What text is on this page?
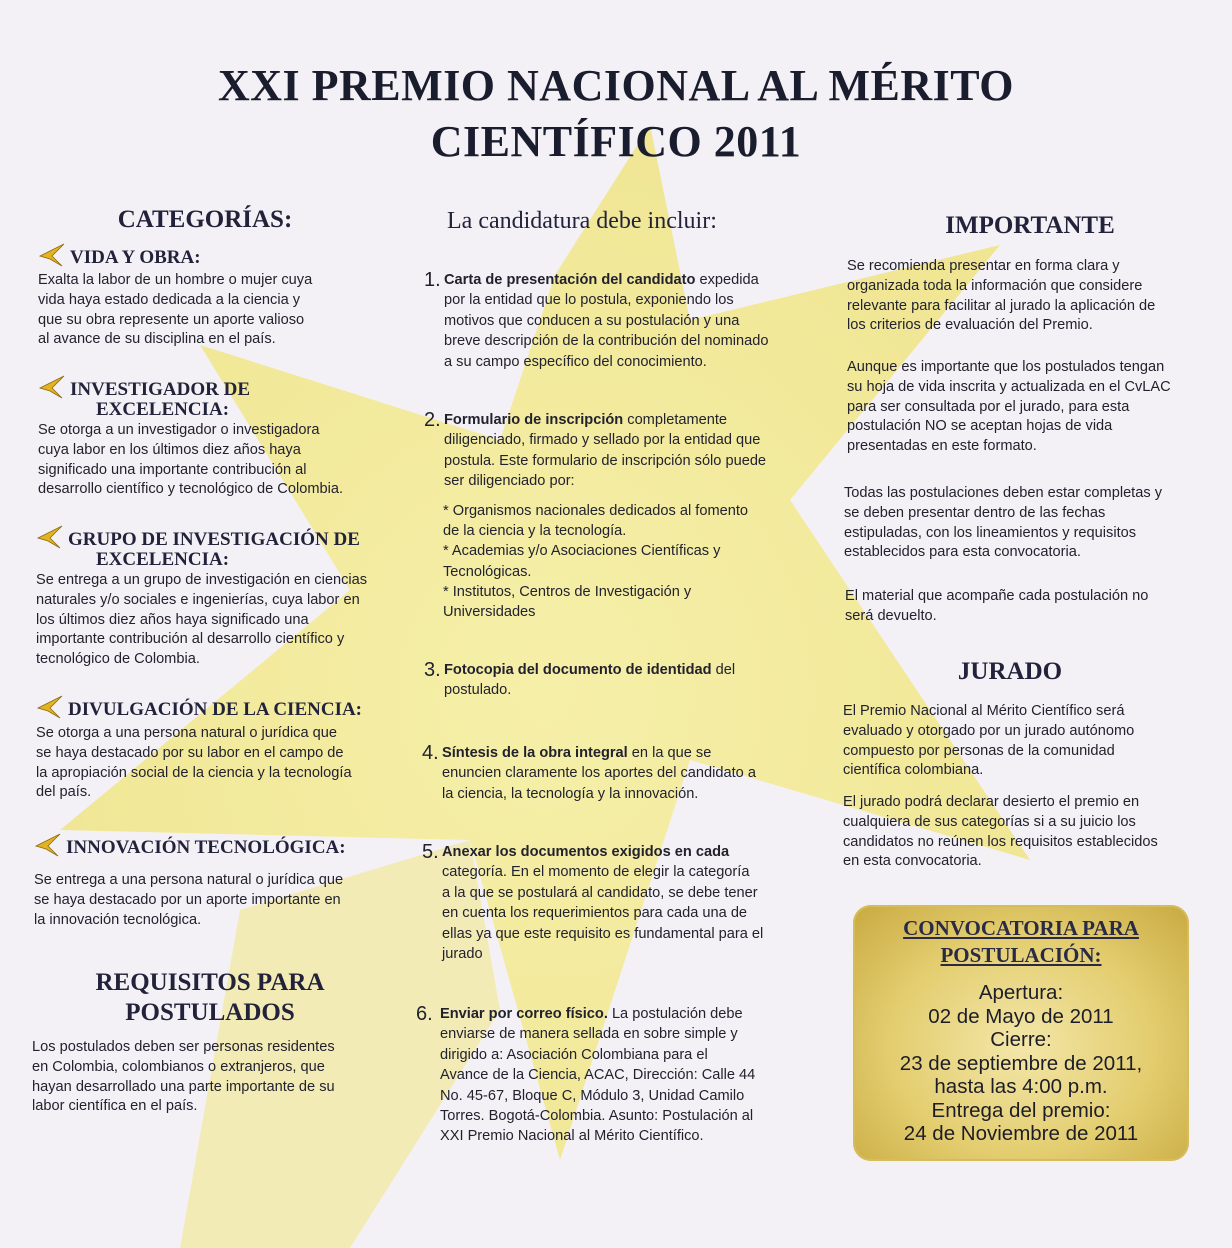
XXI PREMIO NACIONAL AL MÉRITO
CIENTÍFICO 2011
CATEGORÍAS:
VIDA Y OBRA:
Exalta la labor de un hombre o mujer cuya
vida haya estado dedicada a la ciencia y
que su obra represente un aporte valioso
al avance de su disciplina en el país.
INVESTIGADOR DE
EXCELENCIA:
Se otorga a un investigador o investigadora
cuya labor en los últimos diez años haya
significado una importante contribución al
desarrollo científico y tecnológico de Colombia.
GRUPO DE INVESTIGACIÓN DE
EXCELENCIA:
Se entrega a un grupo de investigación en ciencias
naturales y/o sociales e ingenierías, cuya labor en
los últimos diez años haya significado una
importante contribución al desarrollo científico y
tecnológico de Colombia.
DIVULGACIÓN DE LA CIENCIA:
Se otorga a una persona natural o jurídica que
se haya destacado por su labor en el campo de
la apropiación social de la ciencia y la tecnología
del país.
INNOVACIÓN TECNOLÓGICA:
Se entrega a una persona natural o jurídica que
se haya destacado por un aporte importante en
la innovación tecnológica.
REQUISITOS PARA
POSTULADOS
Los postulados deben ser personas residentes
en Colombia, colombianos o extranjeros, que
hayan desarrollado una parte importante de su
labor científica en el país.
La candidatura debe incluir:
1. Carta de presentación del candidato expedida
por la entidad que lo postula, exponiendo los
motivos que conducen a su postulación y una
breve descripción de la contribución del nominado
a su campo específico del conocimiento.
2. Formulario de inscripción completamente
diligenciado, firmado y sellado por la entidad que
postula. Este formulario de inscripción sólo puede
ser diligenciado por:
* Organismos nacionales dedicados al fomento
de la ciencia y la tecnología.
* Academias y/o Asociaciones Científicas y
Tecnológicas.
* Institutos, Centros de Investigación y
Universidades
3. Fotocopia del documento de identidad del
postulado.
4. Síntesis de la obra integral en la que se
enuncien claramente los aportes del candidato a
la ciencia, la tecnología y la innovación.
5. Anexar los documentos exigidos en cada
categoría. En el momento de elegir la categoría
a la que se postulará al candidato, se debe tener
en cuenta los requerimientos para cada una de
ellas ya que este requisito es fundamental para el
jurado
6. Enviar por correo físico. La postulación debe
enviarse de manera sellada en sobre simple y
dirigido a: Asociación Colombiana para el
Avance de la Ciencia, ACAC, Dirección: Calle 44
No. 45-67, Bloque C, Módulo 3, Unidad Camilo
Torres. Bogotá-Colombia. Asunto: Postulación al
XXI Premio Nacional al Mérito Científico.
IMPORTANTE
Se recomienda presentar en forma clara y
organizada toda la información que considere
relevante para facilitar al jurado la aplicación de
los criterios de evaluación del Premio.
Aunque es importante que los postulados tengan
su hoja de vida inscrita y actualizada en el CvLAC
para ser consultada por el jurado, para esta
postulación NO se aceptan hojas de vida
presentadas en este formato.
Todas las postulaciones deben estar completas y
se deben presentar dentro de las fechas
estipuladas, con los lineamientos y requisitos
establecidos para esta convocatoria.
El material que acompañe cada postulación no
será devuelto.
JURADO
El Premio Nacional al Mérito Científico será
evaluado y otorgado por un jurado autónomo
compuesto por personas de la comunidad
científica colombiana.
El jurado podrá declarar desierto el premio en
cualquiera de sus categorías si a su juicio los
candidatos no reúnen los requisitos establecidos
en esta convocatoria.
CONVOCATORIA PARA
POSTULACIÓN:
Apertura:
02 de Mayo de 2011
Cierre:
23 de septiembre de 2011,
hasta las 4:00 p.m.
Entrega del premio:
24 de Noviembre de 2011
